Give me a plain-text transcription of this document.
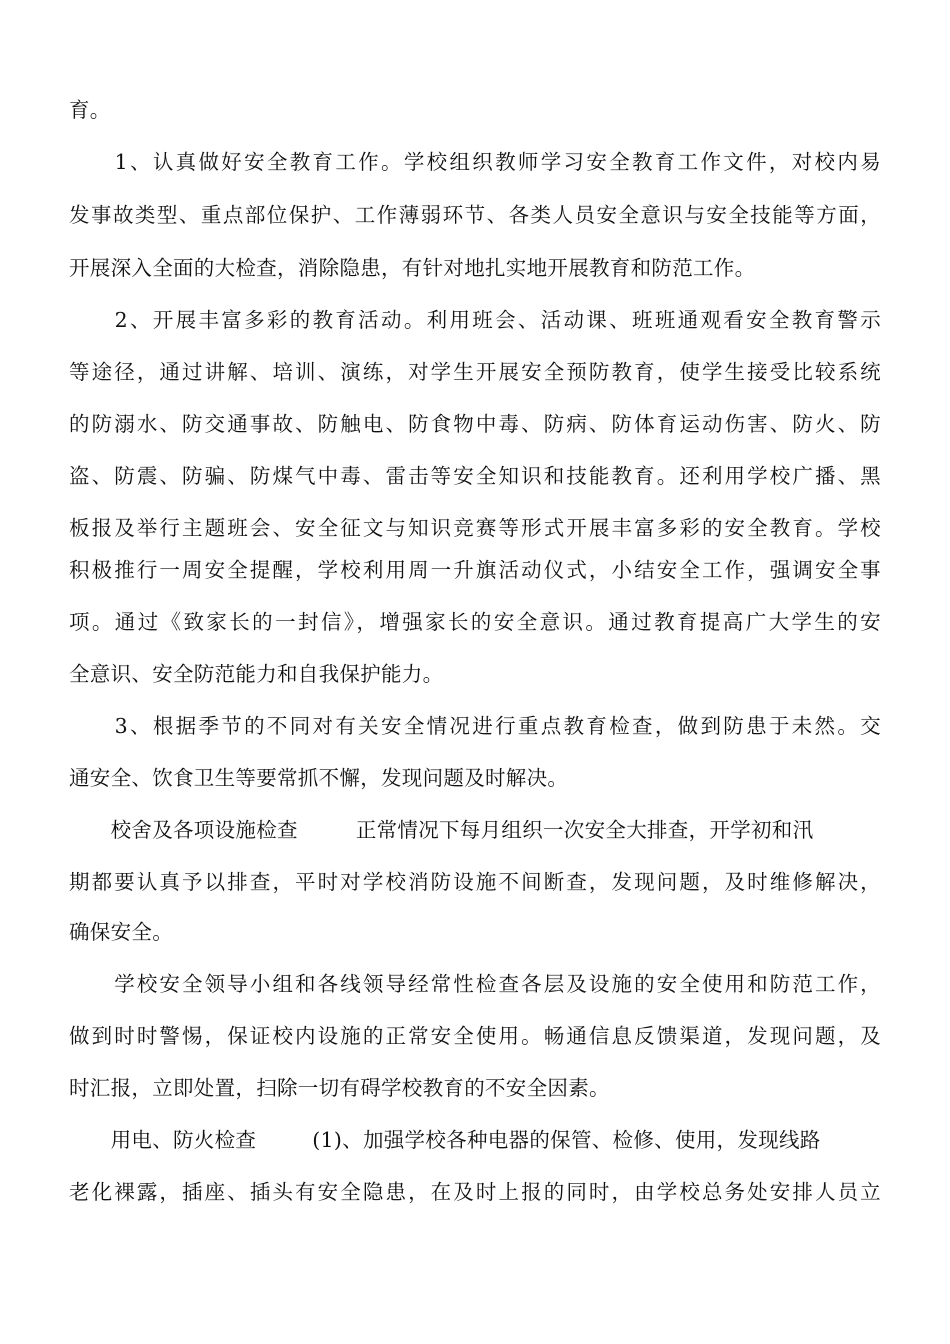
育。
　　1、认真做好安全教育工作。学校组织教师学习安全教育工作文件，对校内易
发事故类型、重点部位保护、工作薄弱环节、各类人员安全意识与安全技能等方面，
开展深入全面的大检查，消除隐患，有针对地扎实地开展教育和防范工作。
　　2、开展丰富多彩的教育活动。利用班会、活动课、班班通观看安全教育警示
等途径，通过讲解、培训、演练，对学生开展安全预防教育，使学生接受比较系统
的防溺水、防交通事故、防触电、防食物中毒、防病、防体育运动伤害、防火、防
盗、防震、防骗、防煤气中毒、雷击等安全知识和技能教育。还利用学校广播、黑
板报及举行主题班会、安全征文与知识竞赛等形式开展丰富多彩的安全教育。学校
积极推行一周安全提醒，学校利用周一升旗活动仪式，小结安全工作，强调安全事
项。通过《致家长的一封信》，增强家长的安全意识。通过教育提高广大学生的安
全意识、安全防范能力和自我保护能力。
　　3、根据季节的不同对有关安全情况进行重点教育检查，做到防患于未然。交
通安全、饮食卫生等要常抓不懈，发现问题及时解决。
　　校舍及各项设施检查	正常情况下每月组织一次安全大排查，开学初和汛
期都要认真予以排查，平时对学校消防设施不间断查，发现问题，及时维修解决，
确保安全。
　　学校安全领导小组和各线领导经常性检查各层及设施的安全使用和防范工作，
做到时时警惕，保证校内设施的正常安全使用。畅通信息反馈渠道，发现问题，及
时汇报，立即处置，扫除一切有碍学校教育的不安全因素。
　　用电、防火检查	(1)、加强学校各种电器的保管、检修、使用，发现线路
老化裸露，插座、插头有安全隐患，在及时上报的同时，由学校总务处安排人员立
